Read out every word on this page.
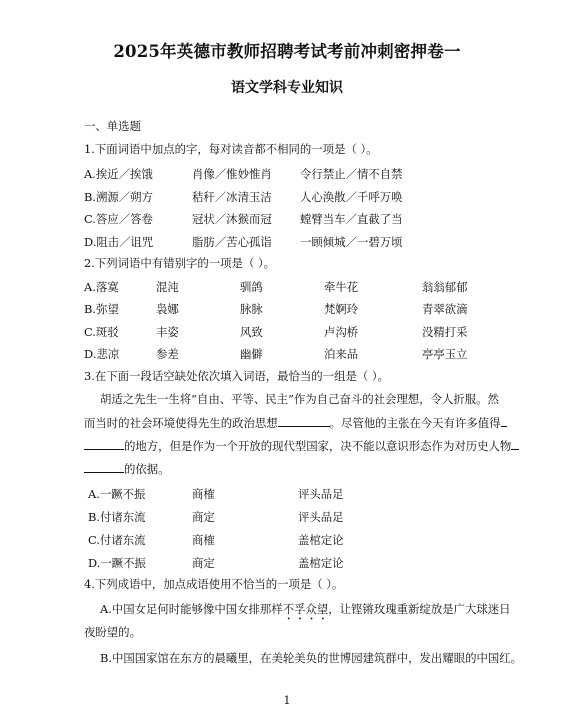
2025年英德市教师招聘考试考前冲刺密押卷一
语文学科专业知识
一、单选题
1.下面词语中加点的字，每对读音都不相同的一项是（ ）。
A.挨近／挨饿	肖像／惟妙惟肖 令行禁止／情不自禁
B.溯源／朔方	秸秆／冰清玉洁 人心涣散／千呼万唤
C.答应／答卷	冠状／沐猴而冠 螳臂当车／直截了当
D.阻击／诅咒	脂肪／苦心孤诣 一顾倾城／一碧万顷
2.下列词语中有错别字的一项是（ ）。
A.落寞	混沌	驯鸽	牵牛花	翁翁郁郁
B.弥望	袅娜	脉脉	梵婀玲	青翠欲滴
C.斑驳	丰姿	风致	卢沟桥	没精打采
D.悲凉	参差	幽僻	泊来品	亭亭玉立
3.在下面一段话空缺处依次填入词语，最恰当的一组是（ ）。
胡适之先生一生将“自由、平等、民主”作为自己奋斗的社会理想，令人折服。然
而当时的社会环境使得先生的政治思想	。尽管他的主张在今天有许多值得
的地方，但是作为一个开放的现代型国家，决不能以意识形态作为对历史人物
的依据。
A.一蹶不振	商榷	评头品足
B.付诸东流	商定	评头品足
C.付诸东流	商榷	盖棺定论
D.一蹶不振	商定	盖棺定论
4.下列成语中，加点成语使用不恰当的一项是（ ）。
A.中国女足何时能够像中国女排那样不孚众望，让铿锵玫瑰重新绽放是广大球迷日
夜盼望的。
B.中国国家馆在东方的晨曦里，在美轮美奂的世博园建筑群中，发出耀眼的中国红。
1
